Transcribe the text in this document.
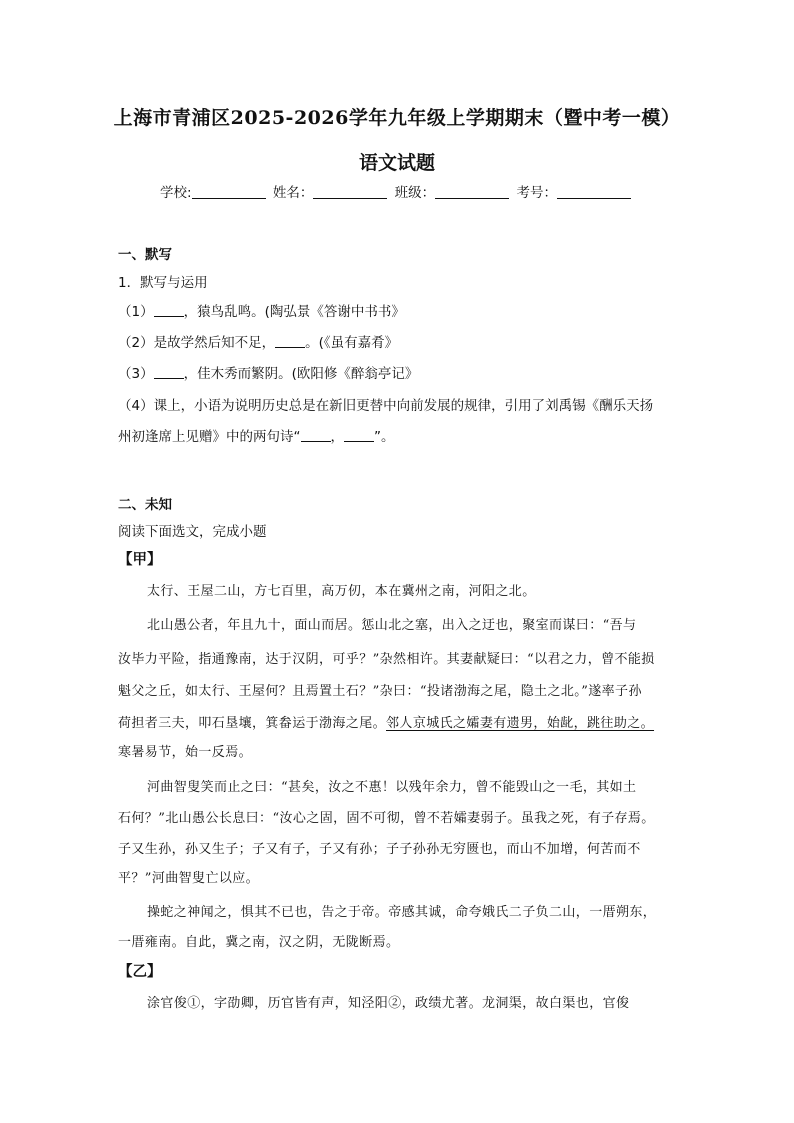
上海市青浦区2025-2026学年九年级上学期期末（暨中考一模）
语文试题
学校:	姓名：	班级：	考号：
一、默写
1．默写与运用
（1） ，猿鸟乱鸣。(陶弘景《答谢中书书》
（2）是故学然后知不足， 。(《虽有嘉肴》
（3） ，佳木秀而繁阴。(欧阳修《醉翁亭记》
（4）课上，小语为说明历史总是在新旧更替中向前发展的规律，引用了刘禹锡《酬乐天扬
州初逢席上见赠》中的两句诗“ ， ”。
二、未知
阅读下面选文，完成小题
【甲】
太行、王屋二山，方七百里，高万仞，本在冀州之南，河阳之北。
北山愚公者，年且九十，面山而居。惩山北之塞，出入之迂也，聚室而谋曰：“吾与
汝毕力平险，指通豫南，达于汉阴，可乎？”杂然相许。其妻献疑曰：“以君之力，曾不能损
魁父之丘，如太行、王屋何？且焉置土石？”杂曰：“投诸渤海之尾，隐土之北。”遂率子孙
荷担者三夫，叩石垦壤，箕畚运于渤海之尾。邻人京城氏之孀妻有遗男，始龀，跳往助之。
寒暑易节，始一反焉。
河曲智叟笑而止之曰：“甚矣，汝之不惠！以残年余力，曾不能毁山之一毛，其如土
石何？”北山愚公长息曰：“汝心之固，固不可彻，曾不若孀妻弱子。虽我之死，有子存焉。
子又生孙，孙又生子；子又有子，子又有孙；子子孙孙无穷匮也，而山不加增，何苦而不
平？”河曲智叟亡以应。
操蛇之神闻之，惧其不已也，告之于帝。帝感其诚，命夸娥氏二子负二山，一厝朔东，
一厝雍南。自此，冀之南，汉之阴，无陇断焉。
【乙】
涂官俊①，字劭卿，历官皆有声，知泾阳②，政绩尤著。龙洞渠，故白渠也，官俊
